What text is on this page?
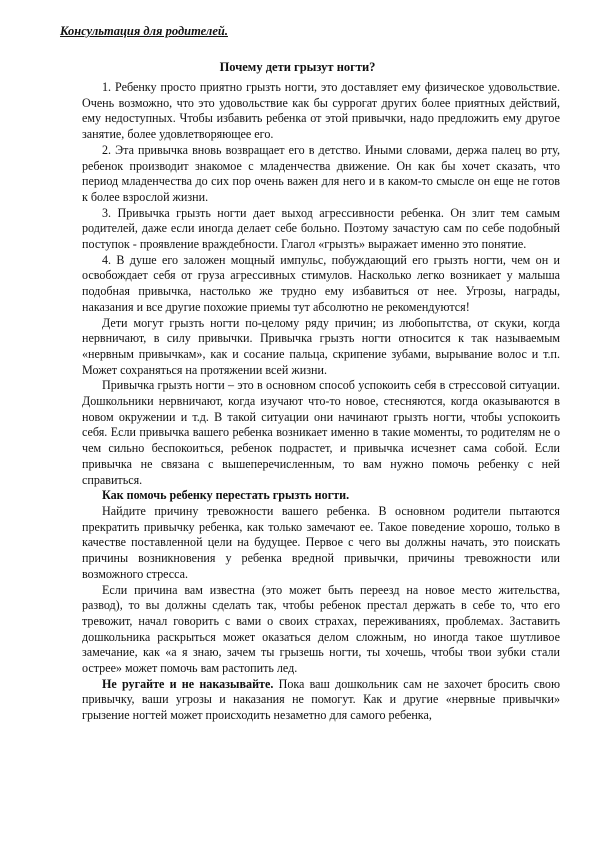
Консультация для родителей.
Почему дети грызут ногти?

1. Ребенку просто приятно грызть ногти, это доставляет ему физическое удовольствие. Очень возможно, что это удовольствие как бы суррогат других более приятных действий, ему недоступных. Чтобы избавить ребенка от этой привычки, надо предложить ему другое занятие, более удовлетворяющее его.

2. Эта привычка вновь возвращает его в детство. Иными словами, держа палец во рту, ребенок производит знакомое с младенчества движение. Он как бы хочет сказать, что период младенчества до сих пор очень важен для него и в каком-то смысле он еще не готов к более взрослой жизни.

3. Привычка грызть ногти дает выход агрессивности ребенка. Он злит тем самым родителей, даже если иногда делает себе больно. Поэтому зачастую сам по себе подобный поступок - проявление враждебности. Глагол «грызть» выражает именно это понятие.

4. В душе его заложен мощный импульс, побуждающий его грызть ногти, чем он и освобождает себя от груза агрессивных стимулов. Насколько легко возникает у малыша подобная привычка, настолько же трудно ему избавиться от нее. Угрозы, награды, наказания и все другие похожие приемы тут абсолютно не рекомендуются!

Дети могут грызть ногти по-целому ряду причин; из любопытства, от скуки, когда нервничают, в силу привычки. Привычка грызть ногти относится к так называемым «нервным привычкам», как и сосание пальца, скрипение зубами, вырывание волос и т.п. Может сохраняться на протяжении всей жизни.

Привычка грызть ногти – это в основном способ успокоить себя в стрессовой ситуации. Дошкольники нервничают, когда изучают что-то новое, стесняются, когда оказываются в новом окружении и т.д. В такой ситуации они начинают грызть ногти, чтобы успокоить себя. Если привычка вашего ребенка возникает именно в такие моменты, то родителям не о чем сильно беспокоиться, ребенок подрастет, и привычка исчезнет сама собой. Если привычка не связана с вышеперечисленным, то вам нужно помочь ребенку с ней справиться.

Как помочь ребенку перестать грызть ногти.

Найдите причину тревожности вашего ребенка. В основном родители пытаются прекратить привычку ребенка, как только замечают ее. Такое поведение хорошо, только в качестве поставленной цели на будущее. Первое с чего вы должны начать, это поискать причины возникновения у ребенка вредной привычки, причины тревожности или возможного стресса.

Если причина вам известна (это может быть переезд на новое место жительства, развод), то вы должны сделать так, чтобы ребенок престал держать в себе то, что его тревожит, начал говорить с вами о своих страхах, переживаниях, проблемах. Заставить дошкольника раскрыться может оказаться делом сложным, но иногда такое шутливое замечание, как «а я знаю, зачем ты грызешь ногти, ты хочешь, чтобы твои зубки стали острее» может помочь вам растопить лед.

Не ругайте и не наказывайте. Пока ваш дошкольник сам не захочет бросить свою привычку, ваши угрозы и наказания не помогут. Как и другие «нервные привычки» грызение ногтей может происходить незаметно для самого ребенка,
